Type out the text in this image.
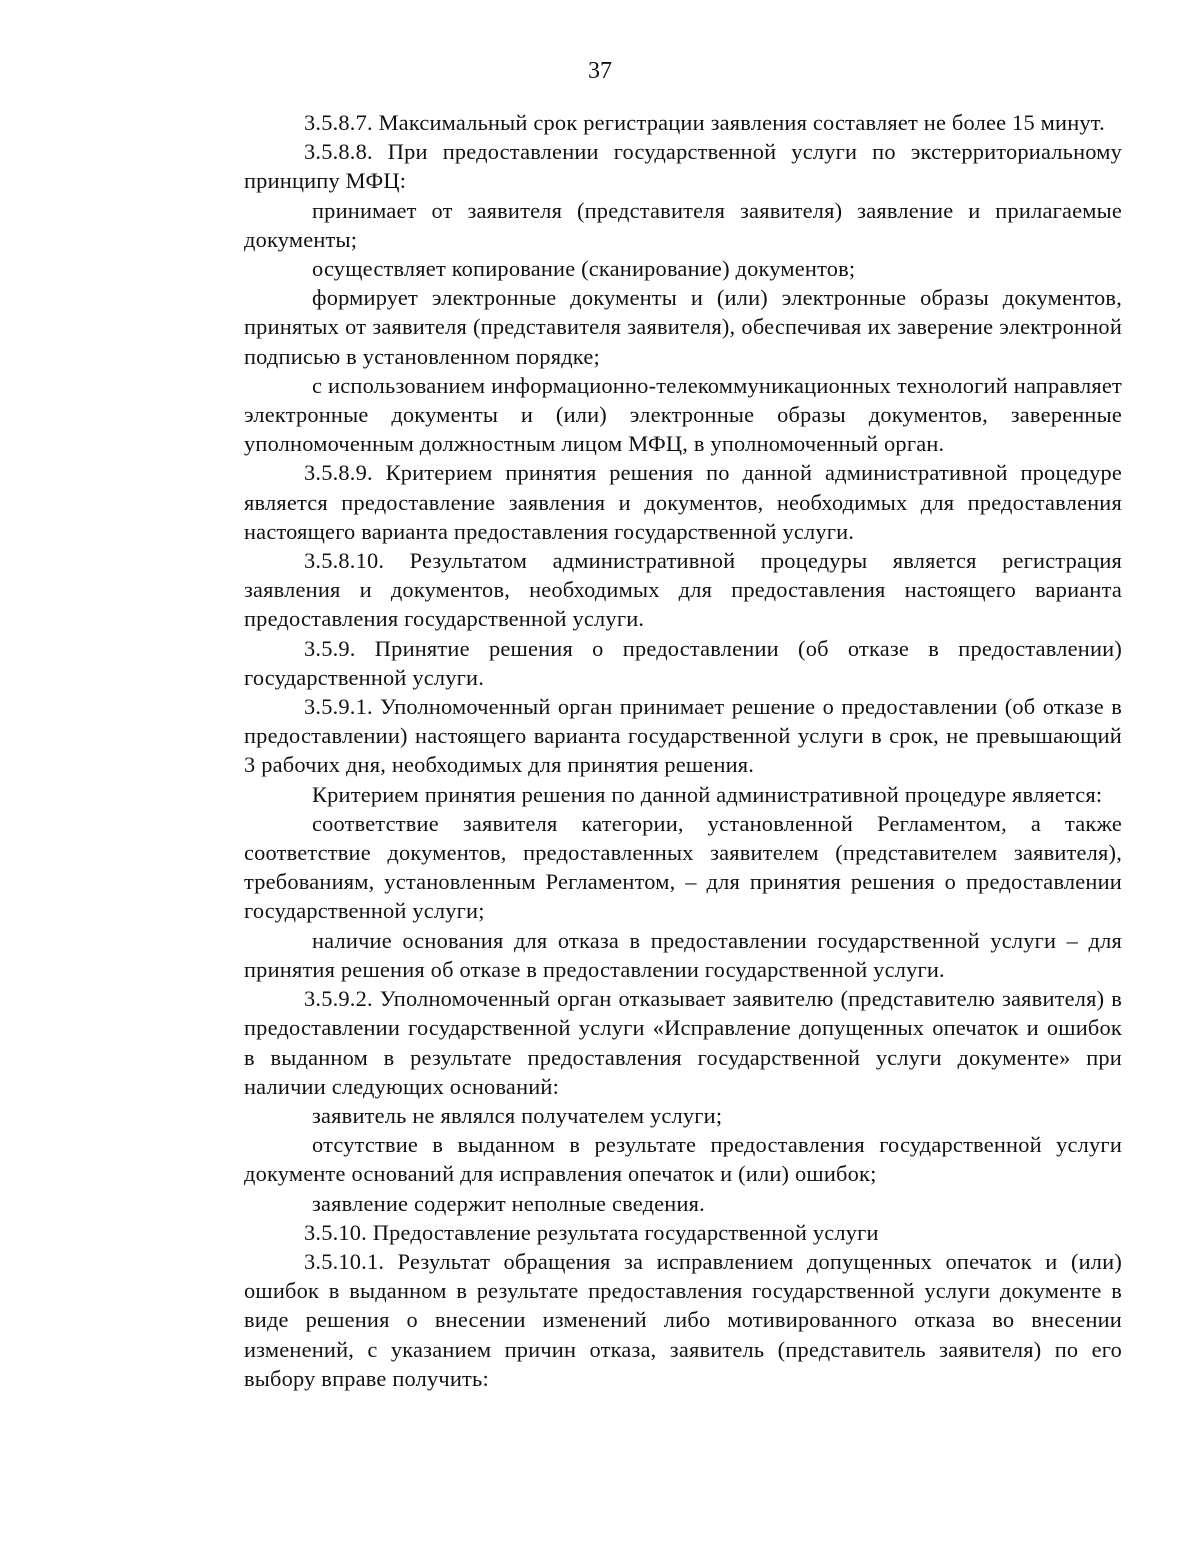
37

3.5.8.7. Максимальный срок регистрации заявления составляет не более 15 минут.

3.5.8.8. При предоставлении государственной услуги по экстерриториальному принципу МФЦ:

принимает от заявителя (представителя заявителя) заявление и прилагаемые документы;

осуществляет копирование (сканирование) документов;

формирует электронные документы и (или) электронные образы документов, принятых от заявителя (представителя заявителя), обеспечивая их заверение электронной подписью в установленном порядке;

с использованием информационно-телекоммуникационных технологий направляет электронные документы и (или) электронные образы документов, заверенные уполномоченным должностным лицом МФЦ, в уполномоченный орган.

3.5.8.9. Критерием принятия решения по данной административной процедуре является предоставление заявления и документов, необходимых для предоставления настоящего варианта предоставления государственной услуги.

3.5.8.10. Результатом административной процедуры является регистрация заявления и документов, необходимых для предоставления настоящего варианта предоставления государственной услуги.

3.5.9. Принятие решения о предоставлении (об отказе в предоставлении) государственной услуги.

3.5.9.1. Уполномоченный орган принимает решение о предоставлении (об отказе в предоставлении) настоящего варианта государственной услуги в срок, не превышающий 3 рабочих дня, необходимых для принятия решения.

Критерием принятия решения по данной административной процедуре является:

соответствие заявителя категории, установленной Регламентом, а также соответствие документов, предоставленных заявителем (представителем заявителя), требованиям, установленным Регламентом, – для принятия решения о предоставлении государственной услуги;

наличие основания для отказа в предоставлении государственной услуги – для принятия решения об отказе в предоставлении государственной услуги.

3.5.9.2. Уполномоченный орган отказывает заявителю (представителю заявителя) в предоставлении государственной услуги «Исправление допущенных опечаток и ошибок в выданном в результате предоставления государственной услуги документе» при наличии следующих оснований:

заявитель не являлся получателем услуги;

отсутствие в выданном в результате предоставления государственной услуги документе оснований для исправления опечаток и (или) ошибок;

заявление содержит неполные сведения.

3.5.10. Предоставление результата государственной услуги

3.5.10.1. Результат обращения за исправлением допущенных опечаток и (или) ошибок в выданном в результате предоставления государственной услуги документе в виде решения о внесении изменений либо мотивированного отказа во внесении изменений, с указанием причин отказа, заявитель (представитель заявителя) по его выбору вправе получить:
